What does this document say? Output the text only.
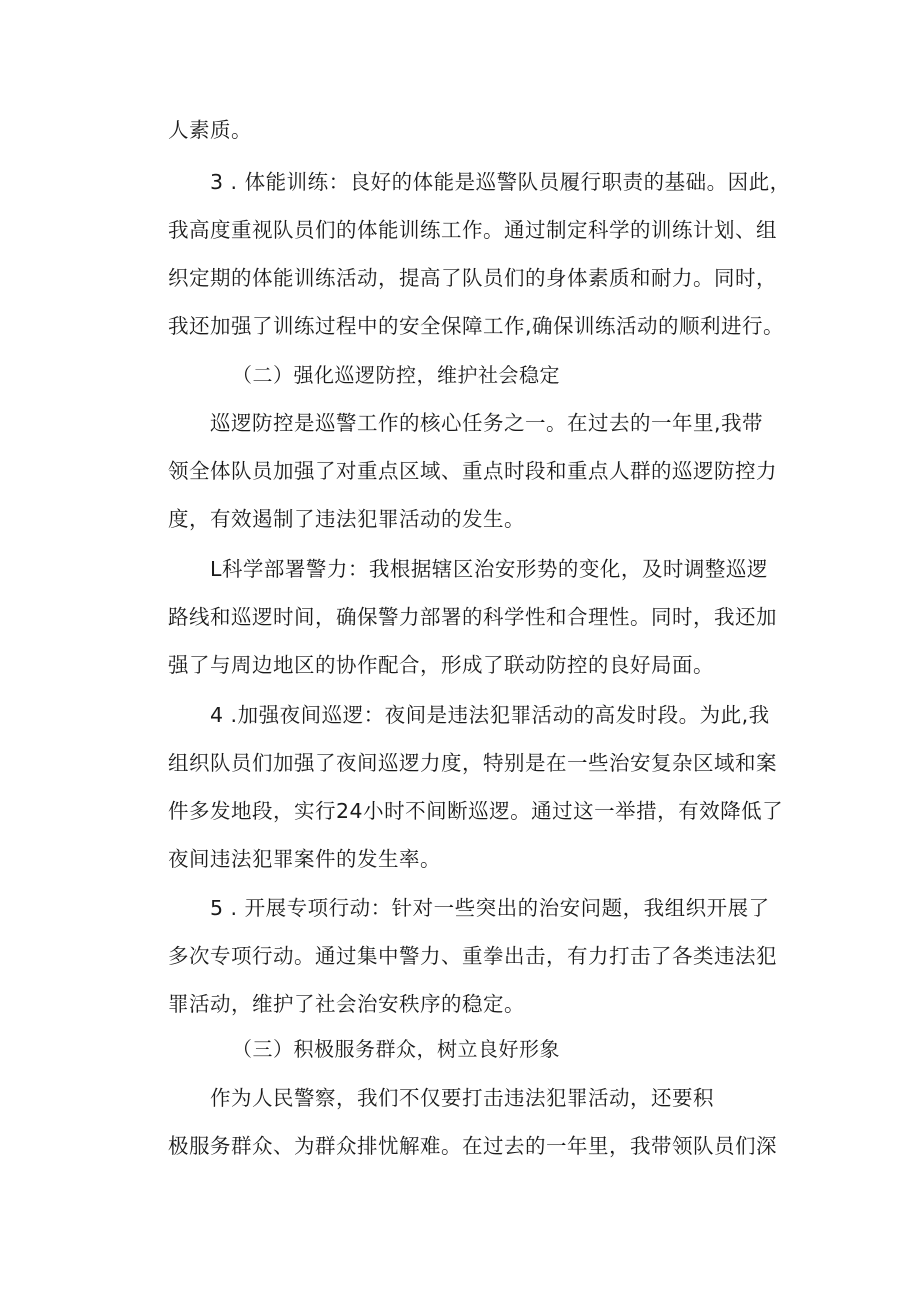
人素质。
3 . 体能训练：良好的体能是巡警队员履行职责的基础。因此，
我高度重视队员们的体能训练工作。通过制定科学的训练计划、组
织定期的体能训练活动，提高了队员们的身体素质和耐力。同时，
我还加强了训练过程中的安全保障工作,确保训练活动的顺利进行。
（二）强化巡逻防控，维护社会稳定
巡逻防控是巡警工作的核心任务之一。在过去的一年里,我带
领全体队员加强了对重点区域、重点时段和重点人群的巡逻防控力
度，有效遏制了违法犯罪活动的发生。
L科学部署警力：我根据辖区治安形势的变化，及时调整巡逻
路线和巡逻时间，确保警力部署的科学性和合理性。同时，我还加
强了与周边地区的协作配合，形成了联动防控的良好局面。
4 .加强夜间巡逻：夜间是违法犯罪活动的高发时段。为此,我
组织队员们加强了夜间巡逻力度，特别是在一些治安复杂区域和案
件多发地段，实行24小时不间断巡逻。通过这一举措，有效降低了
夜间违法犯罪案件的发生率。
5 . 开展专项行动：针对一些突出的治安问题，我组织开展了
多次专项行动。通过集中警力、重拳出击，有力打击了各类违法犯
罪活动，维护了社会治安秩序的稳定。
（三）积极服务群众，树立良好形象
作为人民警察，我们不仅要打击违法犯罪活动，还要积
极服务群众、为群众排忧解难。在过去的一年里，我带领队员们深
